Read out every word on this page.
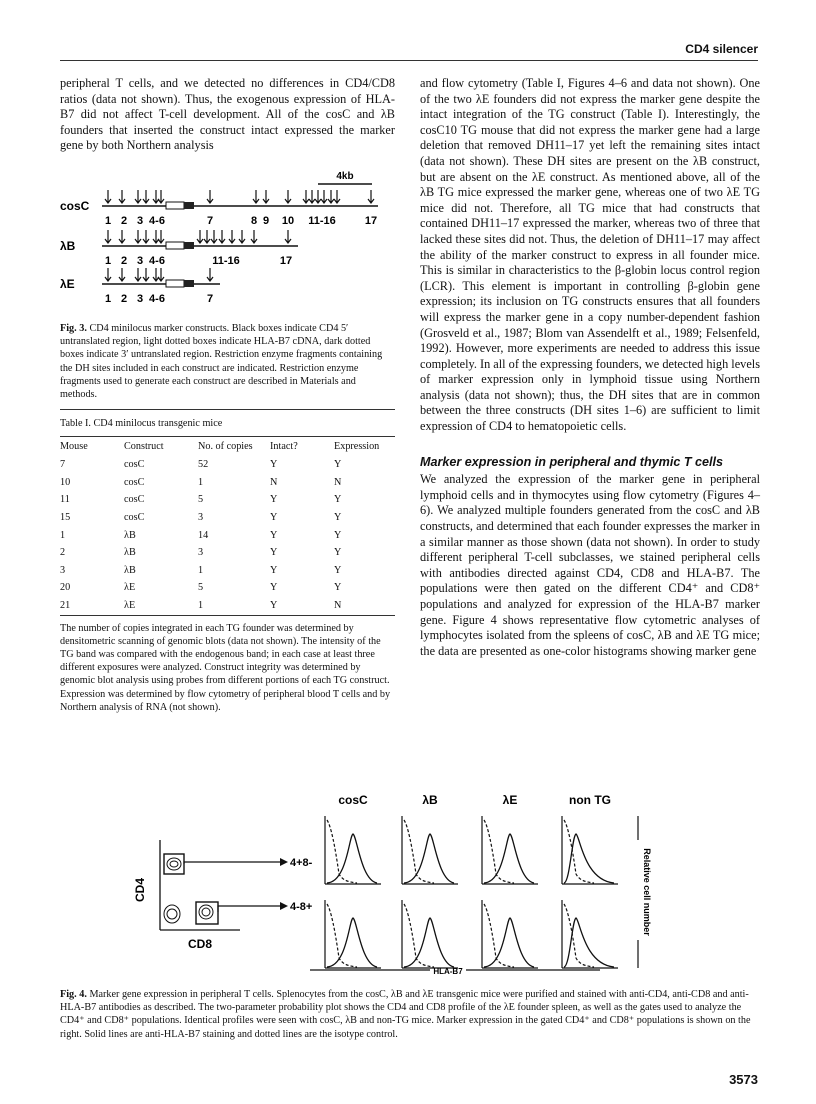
CD4 silencer

peripheral T cells, and we detected no differences in CD4/CD8 ratios (data not shown). Thus, the exogenous expression of HLA-B7 did not affect T-cell development. All of the cosC and λB founders that inserted the construct intact expressed the marker gene by both Northern analysis

4kb
cosC
1 2 3 4-6	7	8 9 10 11-16	17
λB
1 2 3 4-6	11-16	17
λE
1 2 3 4-6	7
Fig. 3. CD4 minilocus marker constructs. Black boxes indicate CD4 5′ untranslated region, light dotted boxes indicate HLA-B7 cDNA, dark dotted boxes indicate 3′ untranslated region. Restriction enzyme fragments containing the DH sites included in each construct are indicated. Restriction enzyme fragments used to generate each construct are described in Materials and methods.
Table I. CD4 minilocus transgenic mice
Mouse	Construct	No. of copies	Intact?	Expression
7	cosC	52	Y	Y
10	cosC	1	N	N
11	cosC	5	Y	Y
15	cosC	3	Y	Y
1	λB	14	Y	Y
2	λB	3	Y	Y
3	λB	1	Y	Y
20	λE	5	Y	Y
21	λE	1	Y	N
The number of copies integrated in each TG founder was determined by densitometric scanning of genomic blots (data not shown). The intensity of the TG band was compared with the endogenous band; in each case at least three different exposures were analyzed. Construct integrity was determined by genomic blot analysis using probes from different portions of each TG construct. Expression was determined by flow cytometry of peripheral blood T cells and by Northern analysis of RNA (not shown).

and flow cytometry (Table I, Figures 4–6 and data not shown). One of the two λE founders did not express the marker gene despite the intact integration of the TG construct (Table I). Interestingly, the cosC10 TG mouse that did not express the marker gene had a large deletion that removed DH11–17 yet left the remaining sites intact (data not shown). These DH sites are present on the λB construct, but are absent on the λE construct. As mentioned above, all of the λB TG mice expressed the marker gene, whereas one of two λE TG mice did not. Therefore, all TG mice that had constructs that contained DH11–17 expressed the marker, whereas two of three that lacked these sites did not. Thus, the deletion of DH11–17 may affect the ability of the marker construct to express in all founder mice. This is similar in characteristics to the β-globin locus control region (LCR). This element is important in controlling β-globin gene expression; its inclusion on TG constructs ensures that all founders will express the marker gene in a copy number-dependent fashion (Grosveld et al., 1987; Blom van Assendelft et al., 1989; Felsenfeld, 1992). However, more experiments are needed to address this issue completely. In all of the expressing founders, we detected high levels of marker expression only in lymphoid tissue using Northern analysis (data not shown); thus, the DH sites that are in common between the three constructs (DH sites 1–6) are sufficient to limit expression of CD4 to hematopoietic cells.

Marker expression in peripheral and thymic T cells

We analyzed the expression of the marker gene in peripheral lymphoid cells and in thymocytes using flow cytometry (Figures 4–6). We analyzed multiple founders generated from the cosC and λB constructs, and determined that each founder expresses the marker in a similar manner as those shown (data not shown). In order to study different peripheral T-cell subclasses, we stained peripheral cells with antibodies directed against CD4, CD8 and HLA-B7. The populations were then gated on the different CD4⁺ and CD8⁺ populations and analyzed for expression of the HLA-B7 marker gene. Figure 4 shows representative flow cytometric analyses of lymphocytes isolated from the spleens of cosC, λB and λE TG mice; the data are presented as one-color histograms showing marker gene

CD4
CD8
4+8-
4-8+
cosC	λB	λE	non TG
HLA-B7
Relative cell number
Fig. 4. Marker gene expression in peripheral T cells. Splenocytes from the cosC, λB and λE transgenic mice were purified and stained with anti-CD4, anti-CD8 and anti-HLA-B7 antibodies as described. The two-parameter probability plot shows the CD4 and CD8 profile of the λE founder spleen, as well as the gates used to analyze the CD4⁺ and CD8⁺ populations. Identical profiles were seen with cosC, λB and non-TG mice. Marker expression in the gated CD4⁺ and CD8⁺ populations is shown on the right. Solid lines are anti-HLA-B7 staining and dotted lines are the isotype control.
3573
